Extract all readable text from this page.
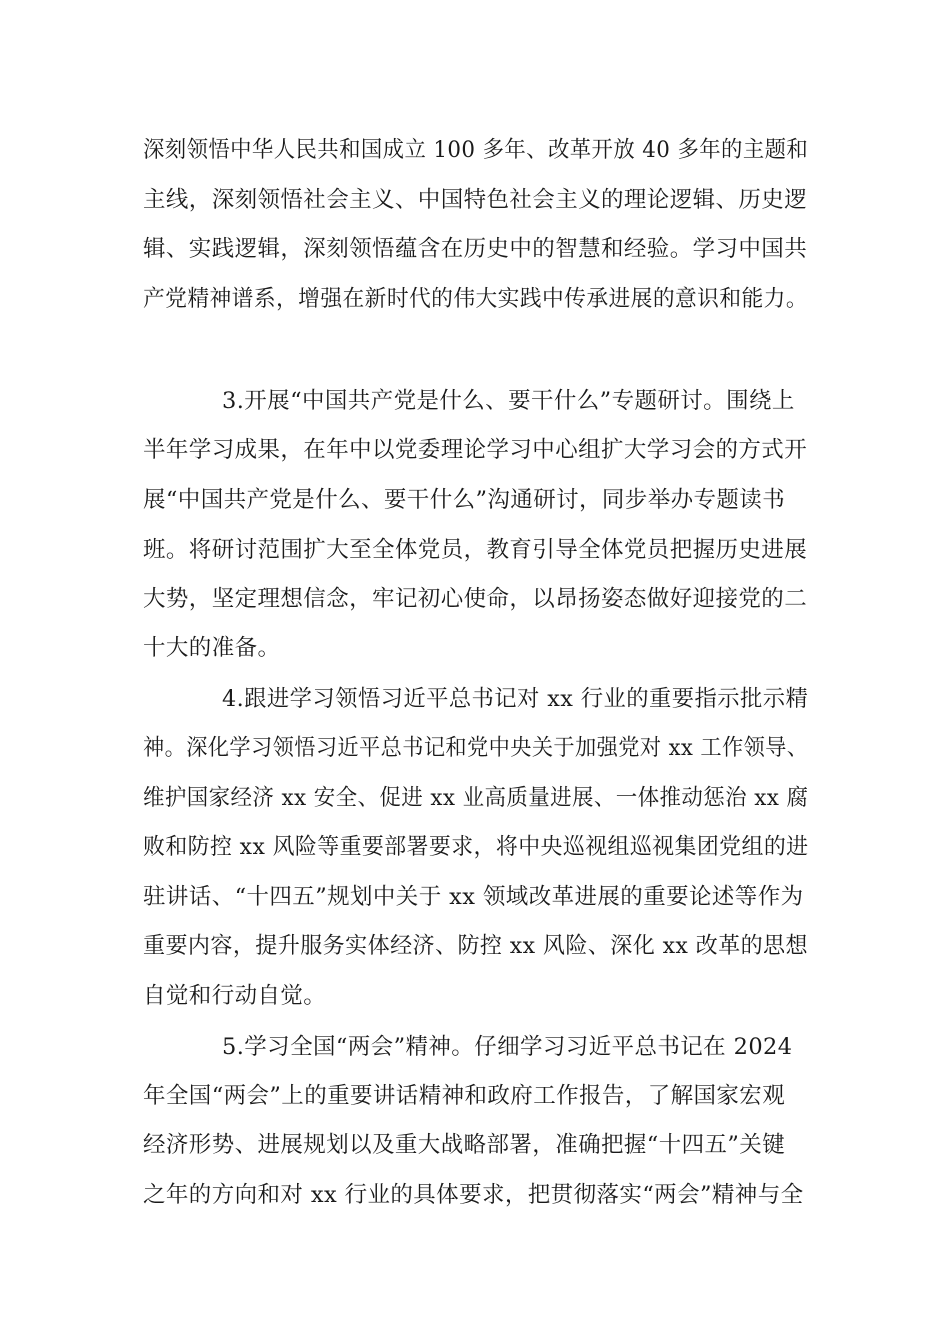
深刻领悟中华人民共和国成立 100 多年、改革开放 40 多年的主题和
主线，深刻领悟社会主义、中国特色社会主义的理论逻辑、历史逻
辑、实践逻辑，深刻领悟蕴含在历史中的智慧和经验。学习中国共
产党精神谱系，增强在新时代的伟大实践中传承进展的意识和能力。
3.开展“中国共产党是什么、要干什么”专题研讨。围绕上
半年学习成果，在年中以党委理论学习中心组扩大学习会的方式开
展“中国共产党是什么、要干什么”沟通研讨，同步举办专题读书
班。将研讨范围扩大至全体党员，教育引导全体党员把握历史进展
大势，坚定理想信念，牢记初心使命，以昂扬姿态做好迎接党的二
十大的准备。
4.跟进学习领悟习近平总书记对 xx 行业的重要指示批示精
神。深化学习领悟习近平总书记和党中央关于加强党对 xx 工作领导、
维护国家经济 xx 安全、促进 xx 业高质量进展、一体推动惩治 xx 腐
败和防控 xx 风险等重要部署要求，将中央巡视组巡视集团党组的进
驻讲话、“十四五”规划中关于 xx 领域改革进展的重要论述等作为
重要内容，提升服务实体经济、防控 xx 风险、深化 xx 改革的思想
自觉和行动自觉。
5.学习全国“两会”精神。仔细学习习近平总书记在 2024
年全国“两会”上的重要讲话精神和政府工作报告，了解国家宏观
经济形势、进展规划以及重大战略部署，准确把握“十四五”关键
之年的方向和对 xx 行业的具体要求，把贯彻落实“两会”精神与全
